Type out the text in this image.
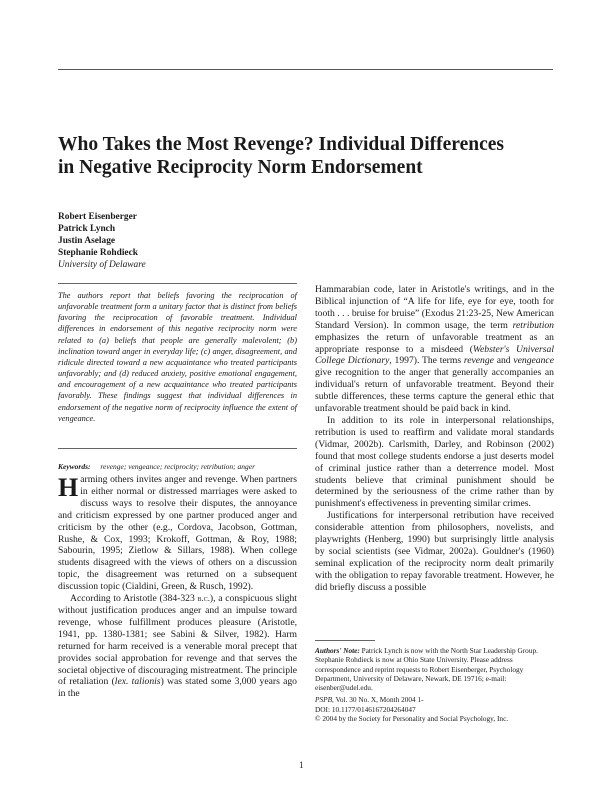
Who Takes the Most Revenge? Individual Differences
in Negative Reciprocity Norm Endorsement
Robert Eisenberger
Patrick Lynch
Justin Aselage
Stephanie Rohdieck
University of Delaware
The authors report that beliefs favoring the reciprocation of unfavorable treatment form a unitary factor that is distinct from beliefs favoring the reciprocation of favorable treatment. Individual differences in endorsement of this negative reciprocity norm were related to (a) beliefs that people are generally malevolent; (b) inclination toward anger in everyday life; (c) anger, disagreement, and ridicule directed toward a new acquaintance who treated participants unfavorably; and (d) reduced anxiety, positive emotional engagement, and encouragement of a new acquaintance who treated participants favorably. These findings suggest that individual differences in endorsement of the negative norm of reciprocity influence the extent of vengeance.
Keywords: revenge; vengeance; reciprocity; retribution; anger

Harming others invites anger and revenge. When partners in either normal or distressed marriages were asked to discuss ways to resolve their disputes, the annoyance and criticism expressed by one partner produced anger and criticism by the other (e.g., Cordova, Jacobson, Gottman, Rushe, & Cox, 1993; Krokoff, Gottman, & Roy, 1988; Sabourin, 1995; Zietlow & Sillars, 1988). When college students disagreed with the views of others on a discussion topic, the disagreement was returned on a subsequent discussion topic (Cialdini, Green, & Rusch, 1992).

According to Aristotle (384-323 b.c.), a conspicuous slight without justification produces anger and an impulse toward revenge, whose fulfillment produces pleasure (Aristotle, 1941, pp. 1380-1381; see Sabini & Silver, 1982). Harm returned for harm received is a venerable moral precept that provides social approbation for revenge and that serves the societal objective of discouraging mistreatment. The principle of retaliation (lex. talionis) was stated some 3,000 years ago in the

Hammarabian code, later in Aristotle's writings, and in the Biblical injunction of “A life for life, eye for eye, tooth for tooth . . . bruise for bruise” (Exodus 21:23-25, New American Standard Version). In common usage, the term retribution emphasizes the return of unfavorable treatment as an appropriate response to a misdeed (Webster's Universal College Dictionary, 1997). The terms revenge and vengeance give recognition to the anger that generally accompanies an individual's return of unfavorable treatment. Beyond their subtle differences, these terms capture the general ethic that unfavorable treatment should be paid back in kind.

In addition to its role in interpersonal relationships, retribution is used to reaffirm and validate moral standards (Vidmar, 2002b). Carlsmith, Darley, and Robinson (2002) found that most college students endorse a just deserts model of criminal justice rather than a deterrence model. Most students believe that criminal punishment should be determined by the seriousness of the crime rather than by punishment's effectiveness in preventing similar crimes.

Justifications for interpersonal retribution have received considerable attention from philosophers, novelists, and playwrights (Henberg, 1990) but surprisingly little analysis by social scientists (see Vidmar, 2002a). Gouldner's (1960) seminal explication of the reciprocity norm dealt primarily with the obligation to repay favorable treatment. However, he did briefly discuss a possible

Authors' Note: Patrick Lynch is now with the North Star Leadership Group. Stephanie Rohdieck is now at Ohio State University. Please address correspondence and reprint requests to Robert Eisenberger, Psychology Department, University of Delaware, Newark, DE 19716; e-mail: eisenber@udel.edu.
PSPB, Vol. 30 No. X, Month 2004 1-
DOI: 10.1177/0146167204264047
© 2004 by the Society for Personality and Social Psychology, Inc.
1
